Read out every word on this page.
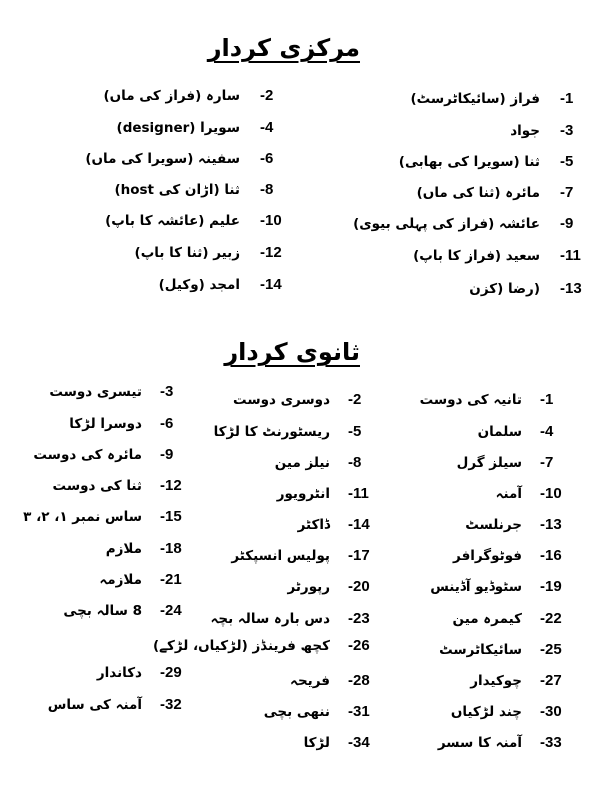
مرکزی کردار
-1
فراز (سائیکاٹرسٹ)
-3
جواد
-5
ثنا (سویرا کی بھابی)
-7
مائرہ (ثنا کی ماں)
-9
عائشہ (فراز کی پہلی بیوی)
-11
سعید (فراز کا باپ)
-13
(رضا (کزن
-2
سارہ (فراز کی ماں)
-4
سویرا (designer)
-6
سفینہ (سویرا کی ماں)
-8
ثنا (اڑان کی host)
-10
علیم (عائشہ کا باپ)
-12
زبیر (ثنا کا باپ)
-14
امجد (وکیل)
ثانوی کردار
-1
تانیہ کی دوست
-4
سلمان
-7
سیلز گرل
-10
آمنہ
-13
جرنلسٹ
-16
فوٹوگرافر
-19
سٹوڈیو آڈینس
-22
کیمرہ مین
-25
سائیکاٹرسٹ
-27
چوکیدار
-30
چند لڑکیاں
-33
آمنہ کا سسر
-2
دوسری دوست
-5
ریسٹورنٹ کا لڑکا
-8
نیلز مین
-11
انٹرویور
-14
ڈاکٹر
-17
پولیس انسپکٹر
-20
رپورٹر
-23
دس بارہ سالہ بچہ
-26
کچھ فرینڈز (لڑکیاں، لڑکے)
-28
فریحہ
-31
ننھی بچی
-34
لڑکا
-3
تیسری دوست
-6
دوسرا لڑکا
-9
مائرہ کی دوست
-12
ثنا کی دوست
-15
ساس نمبر ۱، ۲، ۳
-18
ملازم
-21
ملازمہ
-24
8 سالہ بچی
-29
دکاندار
-32
آمنہ کی ساس
